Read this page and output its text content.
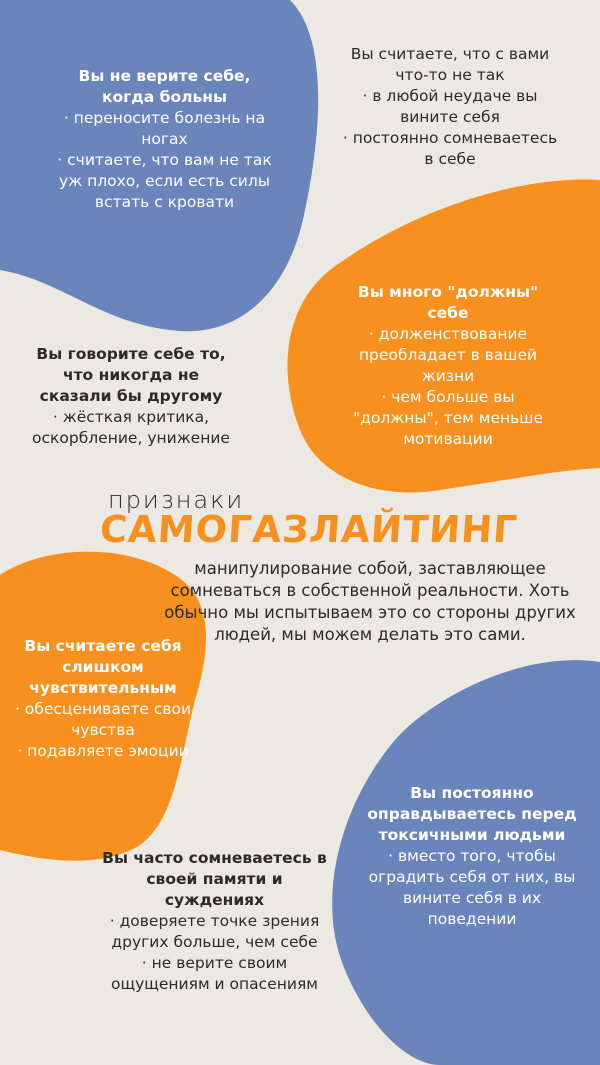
Вы не верите себе, когда больны
· переносите болезнь на ногах
· считаете, что вам не так уж плохо, если есть силы встать с кровати
Вы считаете, что с вами что-то не так
· в любой неудаче вы вините себя
· постоянно сомневаетесь в себе
Вы много "должны" себе
· долженствование преобладает в вашей жизни
· чем больше вы "должны", тем меньше мотивации
Вы говорите себе то, что никогда не сказали бы другому
· жёсткая критика, оскорбление, унижение
признаки
САМОГАЗЛАЙТИНГ
манипулирование собой, заставляющее сомневаться в собственной реальности. Хоть обычно мы испытываем это со стороны других людей, мы можем делать это сами.
Вы считаете себя слишком чувствительным
· обесцениваете свои чувства
· подавляете эмоции
Вы постоянно оправдываетесь перед токсичными людьми
· вместо того, чтобы оградить себя от них, вы вините себя в их поведении
Вы часто сомневаетесь в своей памяти и суждениях
· доверяете точке зрения других больше, чем себе
· не верите своим ощущениям и опасениям
